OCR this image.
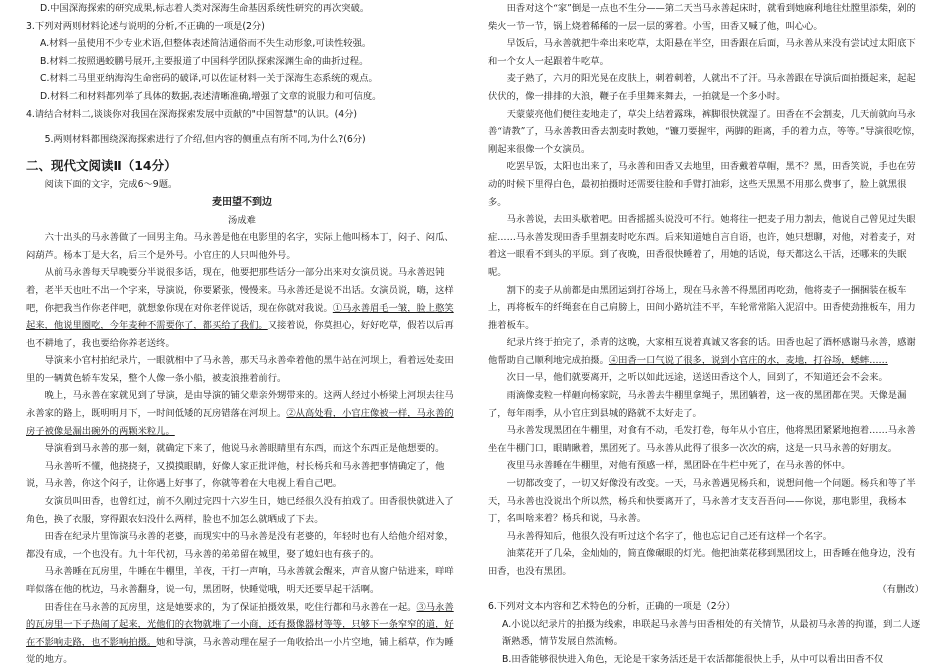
D.中国深海探索的研究成果,标志着人类对深海生命基因系统性研究的再次突破。

3.下列对两则材料论述与说明的分析,不正确的一项是(2分)

A.材料一虽使用不少专业术语,但整体表述简洁通俗而不失生动形象,可读性较强。

B.材料二按照遇蛟鹏号展开,主要报道了中国科学团队探索深渊生命的曲折过程。

C.材料二马里亚纳海沟生命密码的破译,可以佐证材料一关于深海生态系统的观点。

D.材料二和材料都列举了具体的数据,表述清晰准确,增强了文章的说服力和可信度。

4.请结合材料二,谈谈你对我国在深海探索发展中贡献的"中国智慧"的认识。(4分)

5.两则材料都围绕深海探索进行了介绍,但内容的侧重点有所不同,为什么?(6分)

二、现代文阅读Ⅱ（14分）

阅读下面的文字，完成6～9题。

麦田望不到边
汤成难

六十出头的马永善做了一回男主角。马永善是他在电影里的名字，实际上他叫杨本丁，闷子、闷瓜、闷葫芦。杨本丁是大名，后三个是外号。小官庄的人只叫他外号。

从前马永善每天早晚要分半说很多话，现在，他要把那些话分一部分出来对女演员说。马永善迟钝着，老半天也吐不出一个字来，导演说，你要紧张，慢慢来。马永善还是说不出话。女演员说，嗨，这样吧，你把我当作你老伴吧，就想象你现在对你老伴说话，现在你就对我说。①马永善眉毛一皱，脸上憨笑起来，他说里圈吃，今年麦种不需要你了，都买给了我们。又接着说，你莫担心，好好吃草，假若以后再也不耕地了，我也要给你养老送终。

导演来小官村拍纪录片，一眼就相中了马永善，那天马永善牵着他的黑牛站在河坝上，看着远处麦田里的一辆黄色轿车发呆，整个人像一条小船，被麦浪推着前行。

晚上，马永善在家就见到了导演，是由导演的铺父辈亲外甥带来的。这两人经过小桥梁上河坝去往马永善家的路上，既明明月下，一时间低矮的瓦房错落在河坝上。②从高处看，小官庄像被一样，马永善的房子被像是漏出碗外的两颗米粒儿。

导演看到马永善的那一刻，就确定下来了，他说马永善眼睛里有东西，而这个东西正是他想要的。

马永善听不懂，他挠挠子，又摸摸眼睛，好像人家正批评他，村长杨兵和马永善把事情确定了，他说，马永善，你这个闷子，让你遇上好事了，你就等着在大电视上看自己吧。

女演员叫田香，也曾红过，前不久刚过完四十六岁生日，她已经很久没有拍戏了。田香很快就进入了角色，换了衣服，穿得跟农妇没什么两样，脸也不加怎么就晒成了下去。

田香在纪录片里饰演马永善的老婆，而现实中的马永善是没有老婆的，年轻时也有人给他介绍对象，都没有成，一个也没有。九十年代初，马永善的弟弟留在城里，娶了媳妇也有孩子的。

马永善睡在瓦房里，牛睡在牛棚里，羊夜，干打一声响，马永善就会醒来，声音从窗户钻进来，咩咩咩似落在他的枕边，马永善翻身，说一句，黑团呀，快睡觉哦，明天还要早起干活啊。

田香住在马永善的瓦房里，这是她要求的，为了保证拍摄效果，吃住行都和马永善在一起。③马永善的瓦房里一下子热闹了起来，光他们的衣物就堆了一小商，还有摄像器材等等，只够下一条窄窄的道，好在不影响走路，也不影响拍摄。她和导演，马永善动理在屋子一角收拾出一小片空地，铺上稻草，作为睡觉的地方。

田香对这个“家”倒是一点也不生分——第二天当马永善起床时，就看到她麻利地往灶膛里添柴，剁的柴火一节一节，锅上烧着稀稀的一层一层的雾着。小雪，田香又喊了他，叫心心。

早饭后，马永善就把牛牵出来吃草，太阳悬在半空，田香跟在后面，马永善从来没有尝试过太阳底下和一个女人一起跟着牛吃草。

麦子熟了，六月的阳光晃在皮肤上，刺着刺着，人就出不了汗。马永善跟在导演后面拍摄起来，起起伏伏的，像一排排的大浪，鞭子在手里舞来舞去，一拍就是一个多小时。

天蒙蒙亮他们便往麦地走了，草尖上结着露珠，裤脚很快就湿了。田香在不会割麦，几天前就向马永善“请教”了，马永善教田香去割麦时教她，“镰刀要握牢，两脚的距离，手的着力点，等等。”导演很吃惊，刚起来很像一个女演员。

吃罢早饭，太阳也出来了，马永善和田香又去地里，田香戴着草帽，黑不？黑，田香笑说，手也在劳动的时候下里得白色，最初拍摄时还需要往脸和手臂打油彩，这些天黑黑不用那么费事了，脸上就黑很多。

马永善说，去田头歇着吧。田香摇摇头说没可不行。她将往一把麦子用力割去，他说自己曾见过失眼症……马永善发现田香手里割麦时吃东西。后来知道她自言自语，也许，她只想聊，对他，对着麦子，对着这一眼看不到头的平原。到了夜晚，田香很快睡着了，用她的话说，每天都这么干活，还哪来的失眠呢。

割下的麦子从前都是由黑团运到打谷场上，现在马永善不得黑团再吃劲，他将麦子一捆捆装在板车上，再将板车的纤绳套在自己肩膀上，田间小路坑洼不平，车轮常常陷入泥沼中。田香使劲推板车，用力推着板车。

纪录片终于拍完了，杀青的这晚，大家相互说着真诚又客套的话。田香也起了酒杯感谢马永善，感谢他帮助自己顺利地完成拍摄。④田香一口气说了很多，说到小官庄的水，麦地，打谷场，蟋蟀……

次日一早，他们就要离开，之听以如此远途，送送田香这个人，回到了，不知道还会不会来。

雨滴像麦粒一样砸向杨家院，马永善去牛棚里拿绳子，黑团躺着，这一夜的黑团都在哭。天像是漏了，每年雨季，从小官庄到县城的路就不太好走了。

马永善发现黑团在牛棚里，对食有不动，毛发打卷，每年从小官庄，他将黑团紧紧地抱着……马永善坐在牛棚门口，眼睛瞅着，黑团死了。马永善从此得了很多一次次的病，这是一只马永善的好朋友。

夜里马永善睡在牛棚里，对他有预感一样，黑团卧在牛栏中死了，在马永善的怀中。

一切都改变了，一切又好像没有改变。一天，马永善遇见杨兵和，说想问他一个问题。杨兵和等了半天，马永善也没说出个所以然，杨兵和快要离开了，马永善才支支吾吾问——你说，那电影里，我杨本丁，名叫啥来着？杨兵和说，马永善。

马永善得知后，他很久没有听过这个名字了，他也忘记自己还有这样一个名字。

油菜花开了几朵，金灿灿的，简直像碾眼的灯光。他把油菜花移到黑团坟上，田香睡在他身边，没有田香，也没有黑团。

（有删改）

6.下列对文本内容和艺术特色的分析，正确的一项是（2分）

A.小说以纪录片的拍摄为线索，串联起马永善与田香相处的有关情节，从最初马永善的拘谨，到二人逐渐熟悉，情节发展自然流畅。

B.田香能够很快进入角色，无论是干家务活还是干农活都能很快上手，从中可以看出田香不仅
